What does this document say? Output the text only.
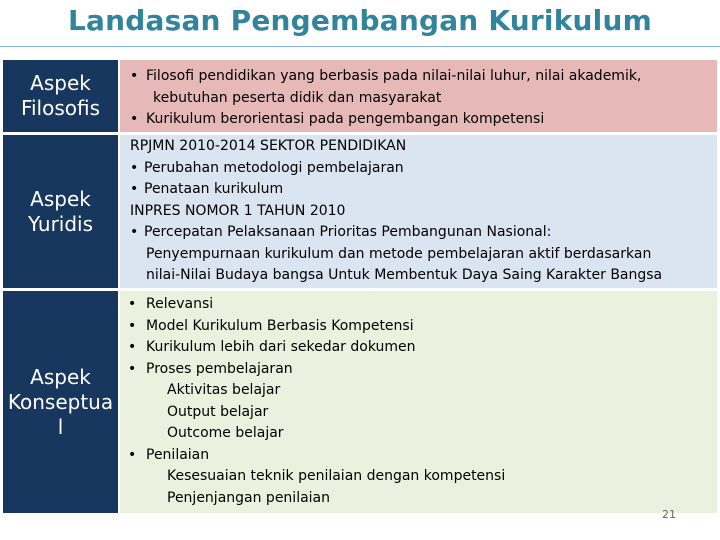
Landasan Pengembangan Kurikulum
Aspek
Filosofis
• Filosofi pendidikan yang berbasis pada nilai-nilai luhur, nilai akademik,
kebutuhan peserta didik dan masyarakat
• Kurikulum berorientasi pada pengembangan kompetensi
Aspek
Yuridis
RPJMN 2010-2014 SEKTOR PENDIDIKAN
• Perubahan metodologi pembelajaran
• Penataan kurikulum
INPRES NOMOR 1 TAHUN 2010
• Percepatan Pelaksanaan Prioritas Pembangunan Nasional:
Penyempurnaan kurikulum dan metode pembelajaran aktif berdasarkan
nilai-Nilai Budaya bangsa Untuk Membentuk Daya Saing Karakter Bangsa
Aspek
Konseptua
l
• Relevansi
• Model Kurikulum Berbasis Kompetensi
• Kurikulum lebih dari sekedar dokumen
• Proses pembelajaran
Aktivitas belajar
Output belajar
Outcome belajar
• Penilaian
Kesesuaian teknik penilaian dengan kompetensi
Penjenjangan penilaian
21
